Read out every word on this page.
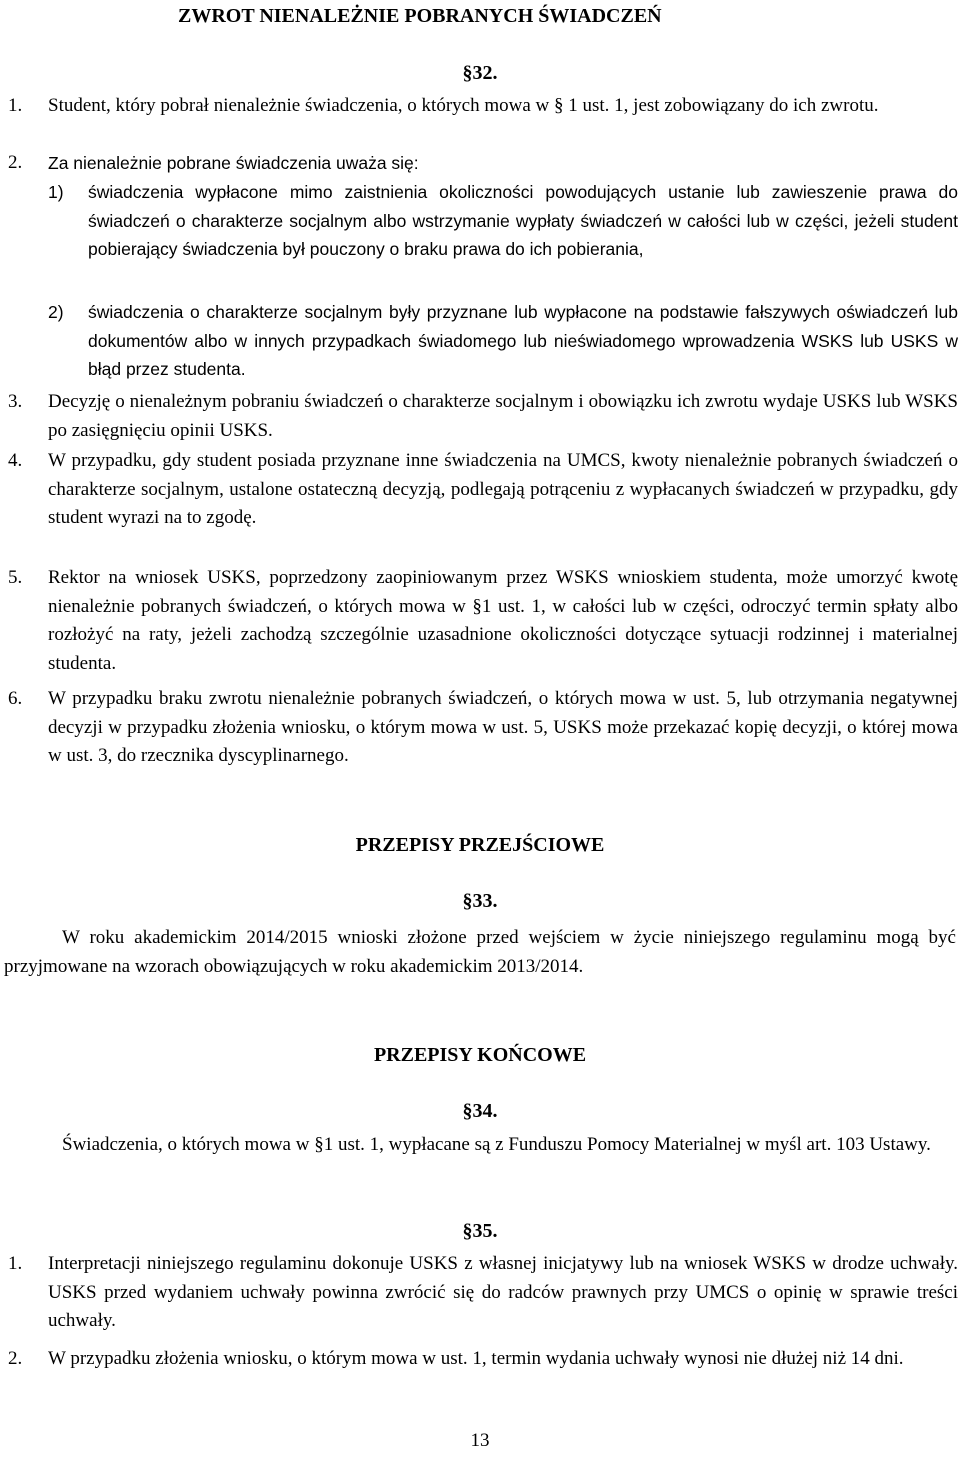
ZWROT NIENALEŻNIE POBRANYCH ŚWIADCZEŃ
§32.
1. Student, który pobrał nienależnie świadczenia, o których mowa w § 1 ust. 1, jest zobowiązany do ich zwrotu.
2. Za nienależnie pobrane świadczenia uważa się:
1) świadczenia wypłacone mimo zaistnienia okoliczności powodujących ustanie lub zawieszenie prawa do świadczeń o charakterze socjalnym albo wstrzymanie wypłaty świadczeń w całości lub w części, jeżeli student pobierający świadczenia był pouczony o braku prawa do ich pobierania,
2) świadczenia o charakterze socjalnym były przyznane lub wypłacone na podstawie fałszywych oświadczeń lub dokumentów albo w innych przypadkach świadomego lub nieświadomego wprowadzenia WSKS lub USKS w błąd przez studenta.
3. Decyzję o nienależnym pobraniu świadczeń o charakterze socjalnym i obowiązku ich zwrotu wydaje USKS lub WSKS po zasięgnięciu opinii USKS.
4. W przypadku, gdy student posiada przyznane inne świadczenia na UMCS, kwoty nienależnie pobranych świadczeń o charakterze socjalnym, ustalone ostateczną decyzją, podlegają potrąceniu z wypłacanych świadczeń w przypadku, gdy student wyrazi na to zgodę.
5. Rektor na wniosek USKS, poprzedzony zaopiniowanym przez WSKS wnioskiem studenta, może umorzyć kwotę nienależnie pobranych świadczeń, o których mowa w §1 ust. 1, w całości lub w części, odroczyć termin spłaty albo rozłożyć na raty, jeżeli zachodzą szczególnie uzasadnione okoliczności dotyczące sytuacji rodzinnej i materialnej studenta.
6. W przypadku braku zwrotu nienależnie pobranych świadczeń, o których mowa w ust. 5, lub otrzymania negatywnej decyzji w przypadku złożenia wniosku, o którym mowa w ust. 5, USKS może przekazać kopię decyzji, o której mowa w ust. 3, do rzecznika dyscyplinarnego.
PRZEPISY PRZEJŚCIOWE
§33.
W roku akademickim 2014/2015 wnioski złożone przed wejściem w życie niniejszego regulaminu mogą być przyjmowane na wzorach obowiązujących w roku akademickim 2013/2014.
PRZEPISY KOŃCOWE
§34.
Świadczenia, o których mowa w §1 ust. 1, wypłacane są z Funduszu Pomocy Materialnej w myśl art. 103 Ustawy.
§35.
1. Interpretacji niniejszego regulaminu dokonuje USKS z własnej inicjatywy lub na wniosek WSKS w drodze uchwały. USKS przed wydaniem uchwały powinna zwrócić się do radców prawnych przy UMCS o opinię w sprawie treści uchwały.
2. W przypadku złożenia wniosku, o którym mowa w ust. 1, termin wydania uchwały wynosi nie dłużej niż 14 dni.
13
